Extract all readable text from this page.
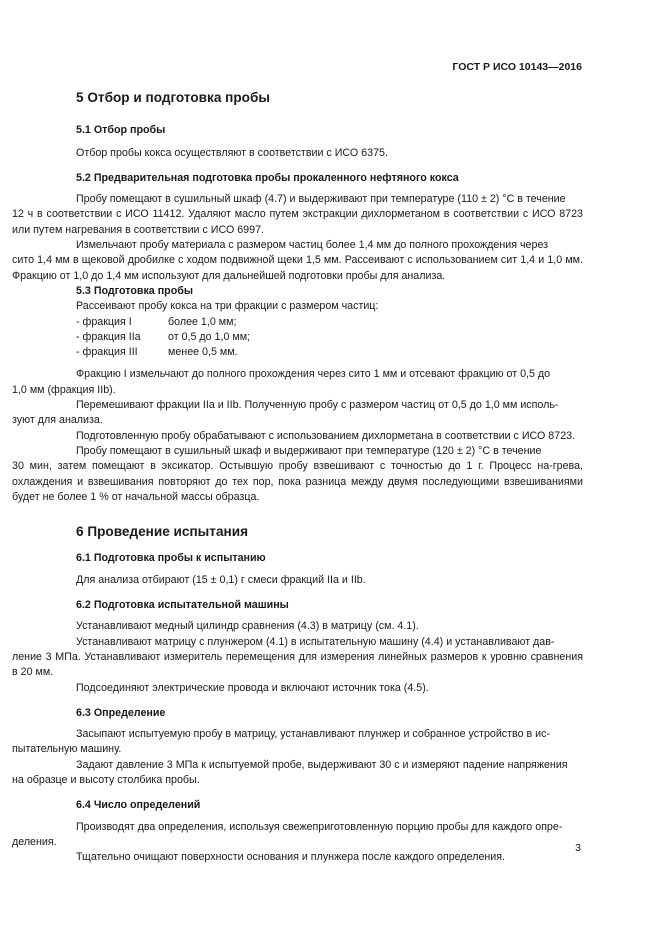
ГОСТ Р ИСО 10143—2016
5 Отбор и подготовка пробы
5.1 Отбор пробы

Отбор пробы кокса осуществляют в соответствии с ИСО 6375.

5.2 Предварительная подготовка пробы прокаленного нефтяного кокса

Пробу помещают в сушильный шкаф (4.7) и выдерживают при температуре (110 ± 2) °С в течение

12 ч в соответствии с ИСО 11412. Удаляют масло путем экстракции дихлорметаном в соответствии с ИСО 8723 или путем нагревания в соответствии с ИСО 6997.

Измельчают пробу материала с размером частиц более 1,4 мм до полного прохождения через

сито 1,4 мм в щековой дробилке с ходом подвижной щеки 1,5 мм. Рассеивают с использованием сит 1,4 и 1,0 мм. Фракцию от 1,0 до 1,4 мм используют для дальнейшей подготовки пробы для анализа.

5.3 Подготовка пробы

Рассеивают пробу кокса на три фракции с размером частиц:

- фракция I	более 1,0 мм;
- фракция IIa	от 0,5 до 1,0 мм;
- фракция III	менее 0,5 мм.

Фракцию I измельчают до полного прохождения через сито 1 мм и отсевают фракцию от 0,5 до

1,0 мм (фракция IIb).

Перемешивают фракции IIa и IIb. Полученную пробу с размером частиц от 0,5 до 1,0 мм исполь-

зуют для анализа.

Подготовленную пробу обрабатывают с использованием дихлорметана в соответствии с ИСО 8723.

Пробу помещают в сушильный шкаф и выдерживают при температуре (120 ± 2) °С в течение

30 мин, затем помещают в эксикатор. Остывшую пробу взвешивают с точностью до 1 г. Процесс на-грева, охлаждения и взвешивания повторяют до тех пор, пока разница между двумя последующими взвешиваниями будет не более 1 % от начальной массы образца.

6 Проведение испытания
6.1 Подготовка пробы к испытанию

Для анализа отбирают (15 ± 0,1) г смеси фракций IIa и IIb.

6.2 Подготовка испытательной машины

Устанавливают медный цилиндр сравнения (4.3) в матрицу (см. 4.1).

Устанавливают матрицу с плунжером (4.1) в испытательную машину (4.4) и устанавливают дав-

ление 3 МПа. Устанавливают измеритель перемещения для измерения линейных размеров к уровню сравнения в 20 мм.

Подсоединяют электрические провода и включают источник тока (4.5).

6.3 Определение

Засыпают испытуемую пробу в матрицу, устанавливают плунжер и собранное устройство в ис-

пытательную машину.

Задают давление 3 МПа к испытуемой пробе, выдерживают 30 с и измеряют падение напряжения

на образце и высоту столбика пробы.

6.4 Число определений

Производят два определения, используя свежеприготовленную порцию пробы для каждого опре-

деления.

Тщательно очищают поверхности основания и плунжера после каждого определения.

3
